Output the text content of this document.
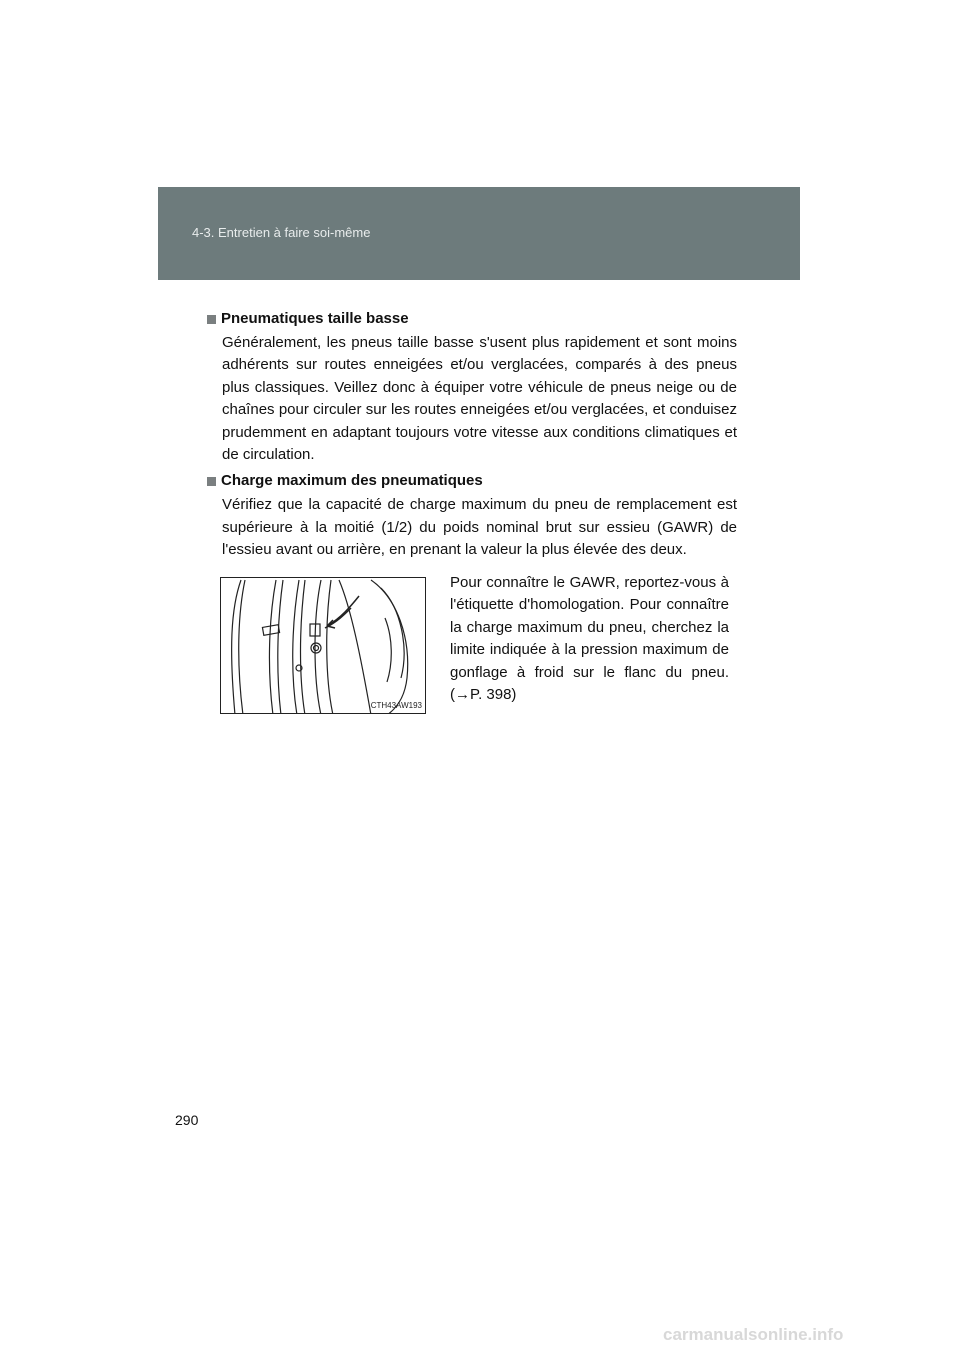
4-3. Entretien à faire soi-même
Pneumatiques taille basse

Généralement, les pneus taille basse s'usent plus rapidement et sont moins adhérents sur routes enneigées et/ou verglacées, comparés à des pneus plus classiques. Veillez donc à équiper votre véhicule de pneus neige ou de chaînes pour circuler sur les routes enneigées et/ou verglacées, et conduisez prudemment en adaptant toujours votre vitesse aux conditions climatiques et de circulation.

Charge maximum des pneumatiques

Vérifiez que la capacité de charge maximum du pneu de remplacement est supérieure à la moitié (1/2) du poids nominal brut sur essieu (GAWR) de l'essieu avant ou arrière, en prenant la valeur la plus élevée des deux.

CTH43AW193
Pour connaître le GAWR, reportez-vous à l'étiquette d'homologation. Pour connaître la charge maximum du pneu, cherchez la limite indiquée à la pression maximum de gonflage à froid sur le flanc du pneu. (→P. 398)
290
carmanualsonline.info
